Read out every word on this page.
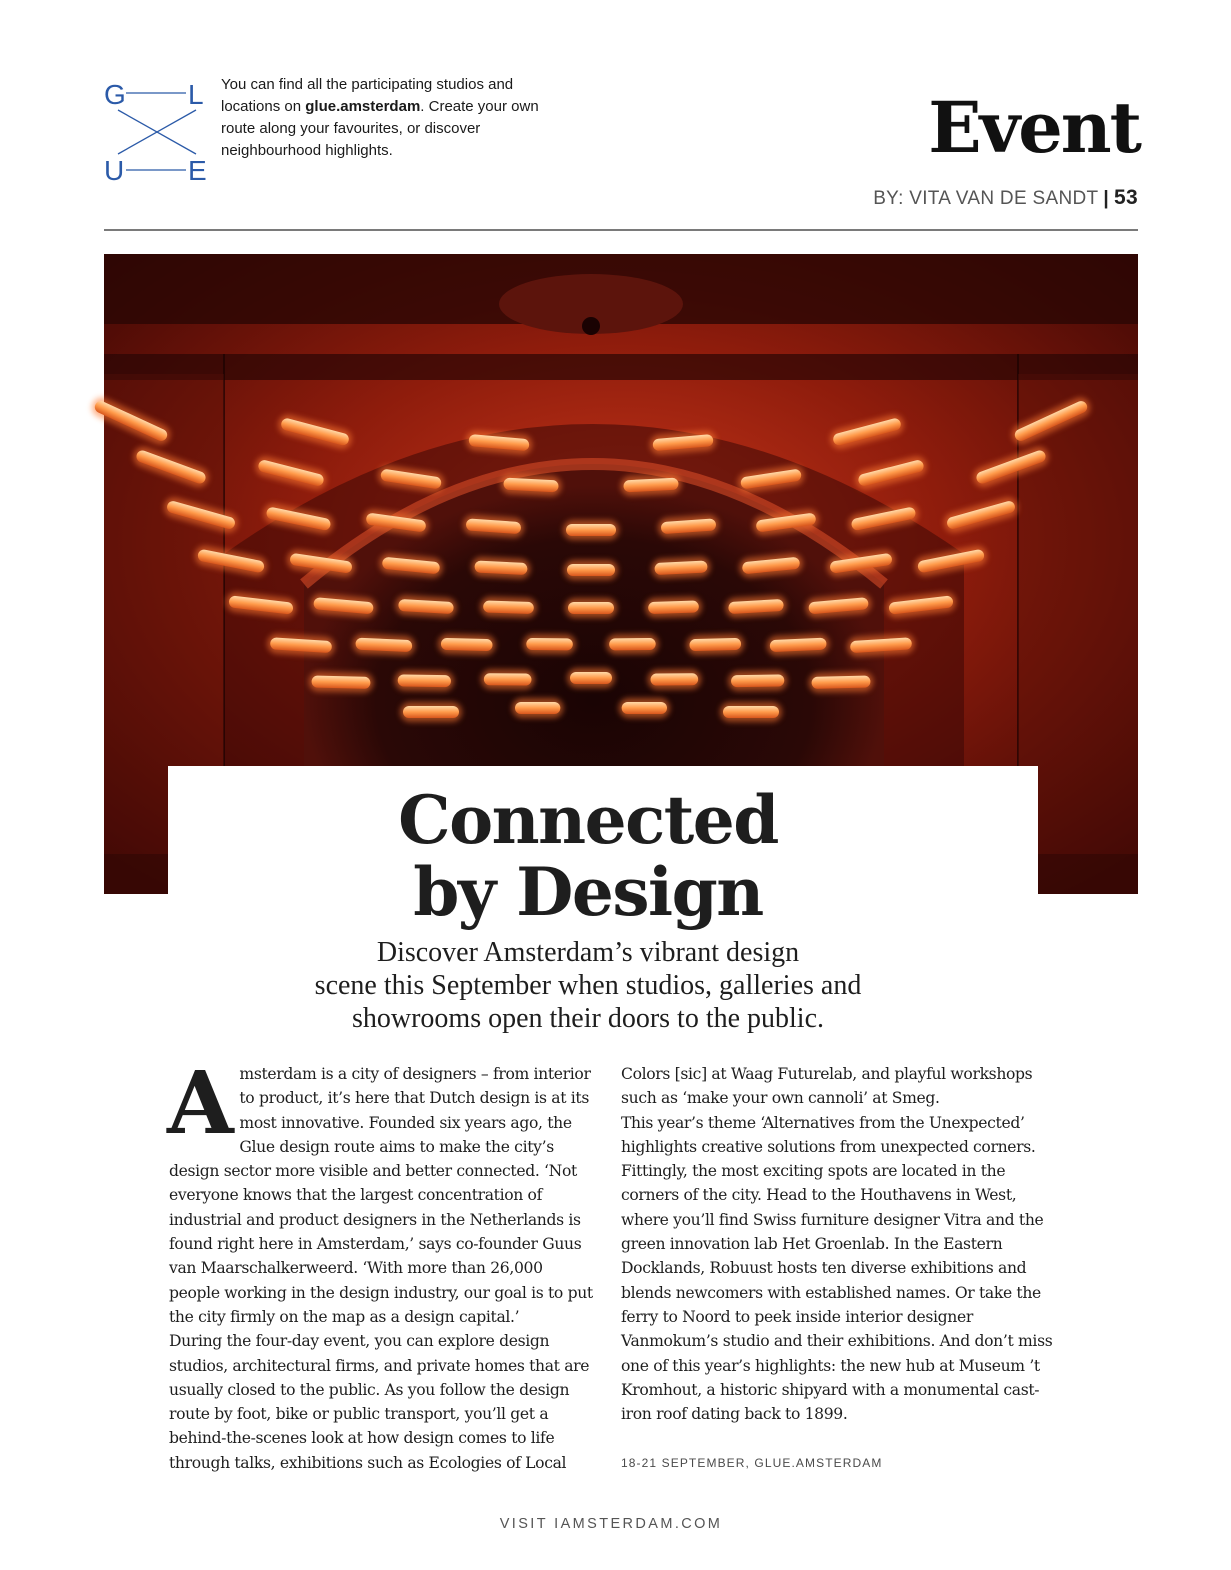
G L
U E
You can find all the participating studios and locations on glue.amsterdam. Create your own route along your favourites, or discover neighbourhood highlights.	Event
BY: VITA VAN DE SANDT | 53
© AMY GWATKIN
Connected
by Design
Discover Amsterdam’s vibrant design
scene this September when studios, galleries and
showrooms open their doors to the public.

Amsterdam is a city of designers – from interior to product, it’s here that Dutch design is at its most innovative. Founded six years ago, the Glue design route aims to make the city’s design sector more visible and better connected. ‘Not everyone knows that the largest concentration of industrial and product designers in the Netherlands is found right here in Amsterdam,’ says co-founder Guus van Maarschalkerweerd. ‘With more than 26,000 people working in the design industry, our goal is to put the city firmly on the map as a design capital.’

During the four-day event, you can explore design studios, architectural firms, and private homes that are usually closed to the public. As you follow the design route by foot, bike or public transport, you’ll get a behind-the-scenes look at how design comes to life through talks, exhibitions such as Ecologies of Local

Colors [sic] at Waag Futurelab, and playful workshops such as ‘make your own cannoli’ at Smeg.

This year’s theme ‘Alternatives from the Unexpected’ highlights creative solutions from unexpected corners. Fittingly, the most exciting spots are located in the corners of the city. Head to the Houthavens in West, where you’ll find Swiss furniture designer Vitra and the green innovation lab Het Groenlab. In the Eastern Docklands, Robuust hosts ten diverse exhibitions and blends newcomers with established names. Or take the ferry to Noord to peek inside interior designer Vanmokum’s studio and their exhibitions. And don’t miss one of this year’s highlights: the new hub at Museum ’t Kromhout, a historic shipyard with a monumental cast-iron roof dating back to 1899.

18-21 SEPTEMBER, GLUE.AMSTERDAM
VISIT IAMSTERDAM.COM
